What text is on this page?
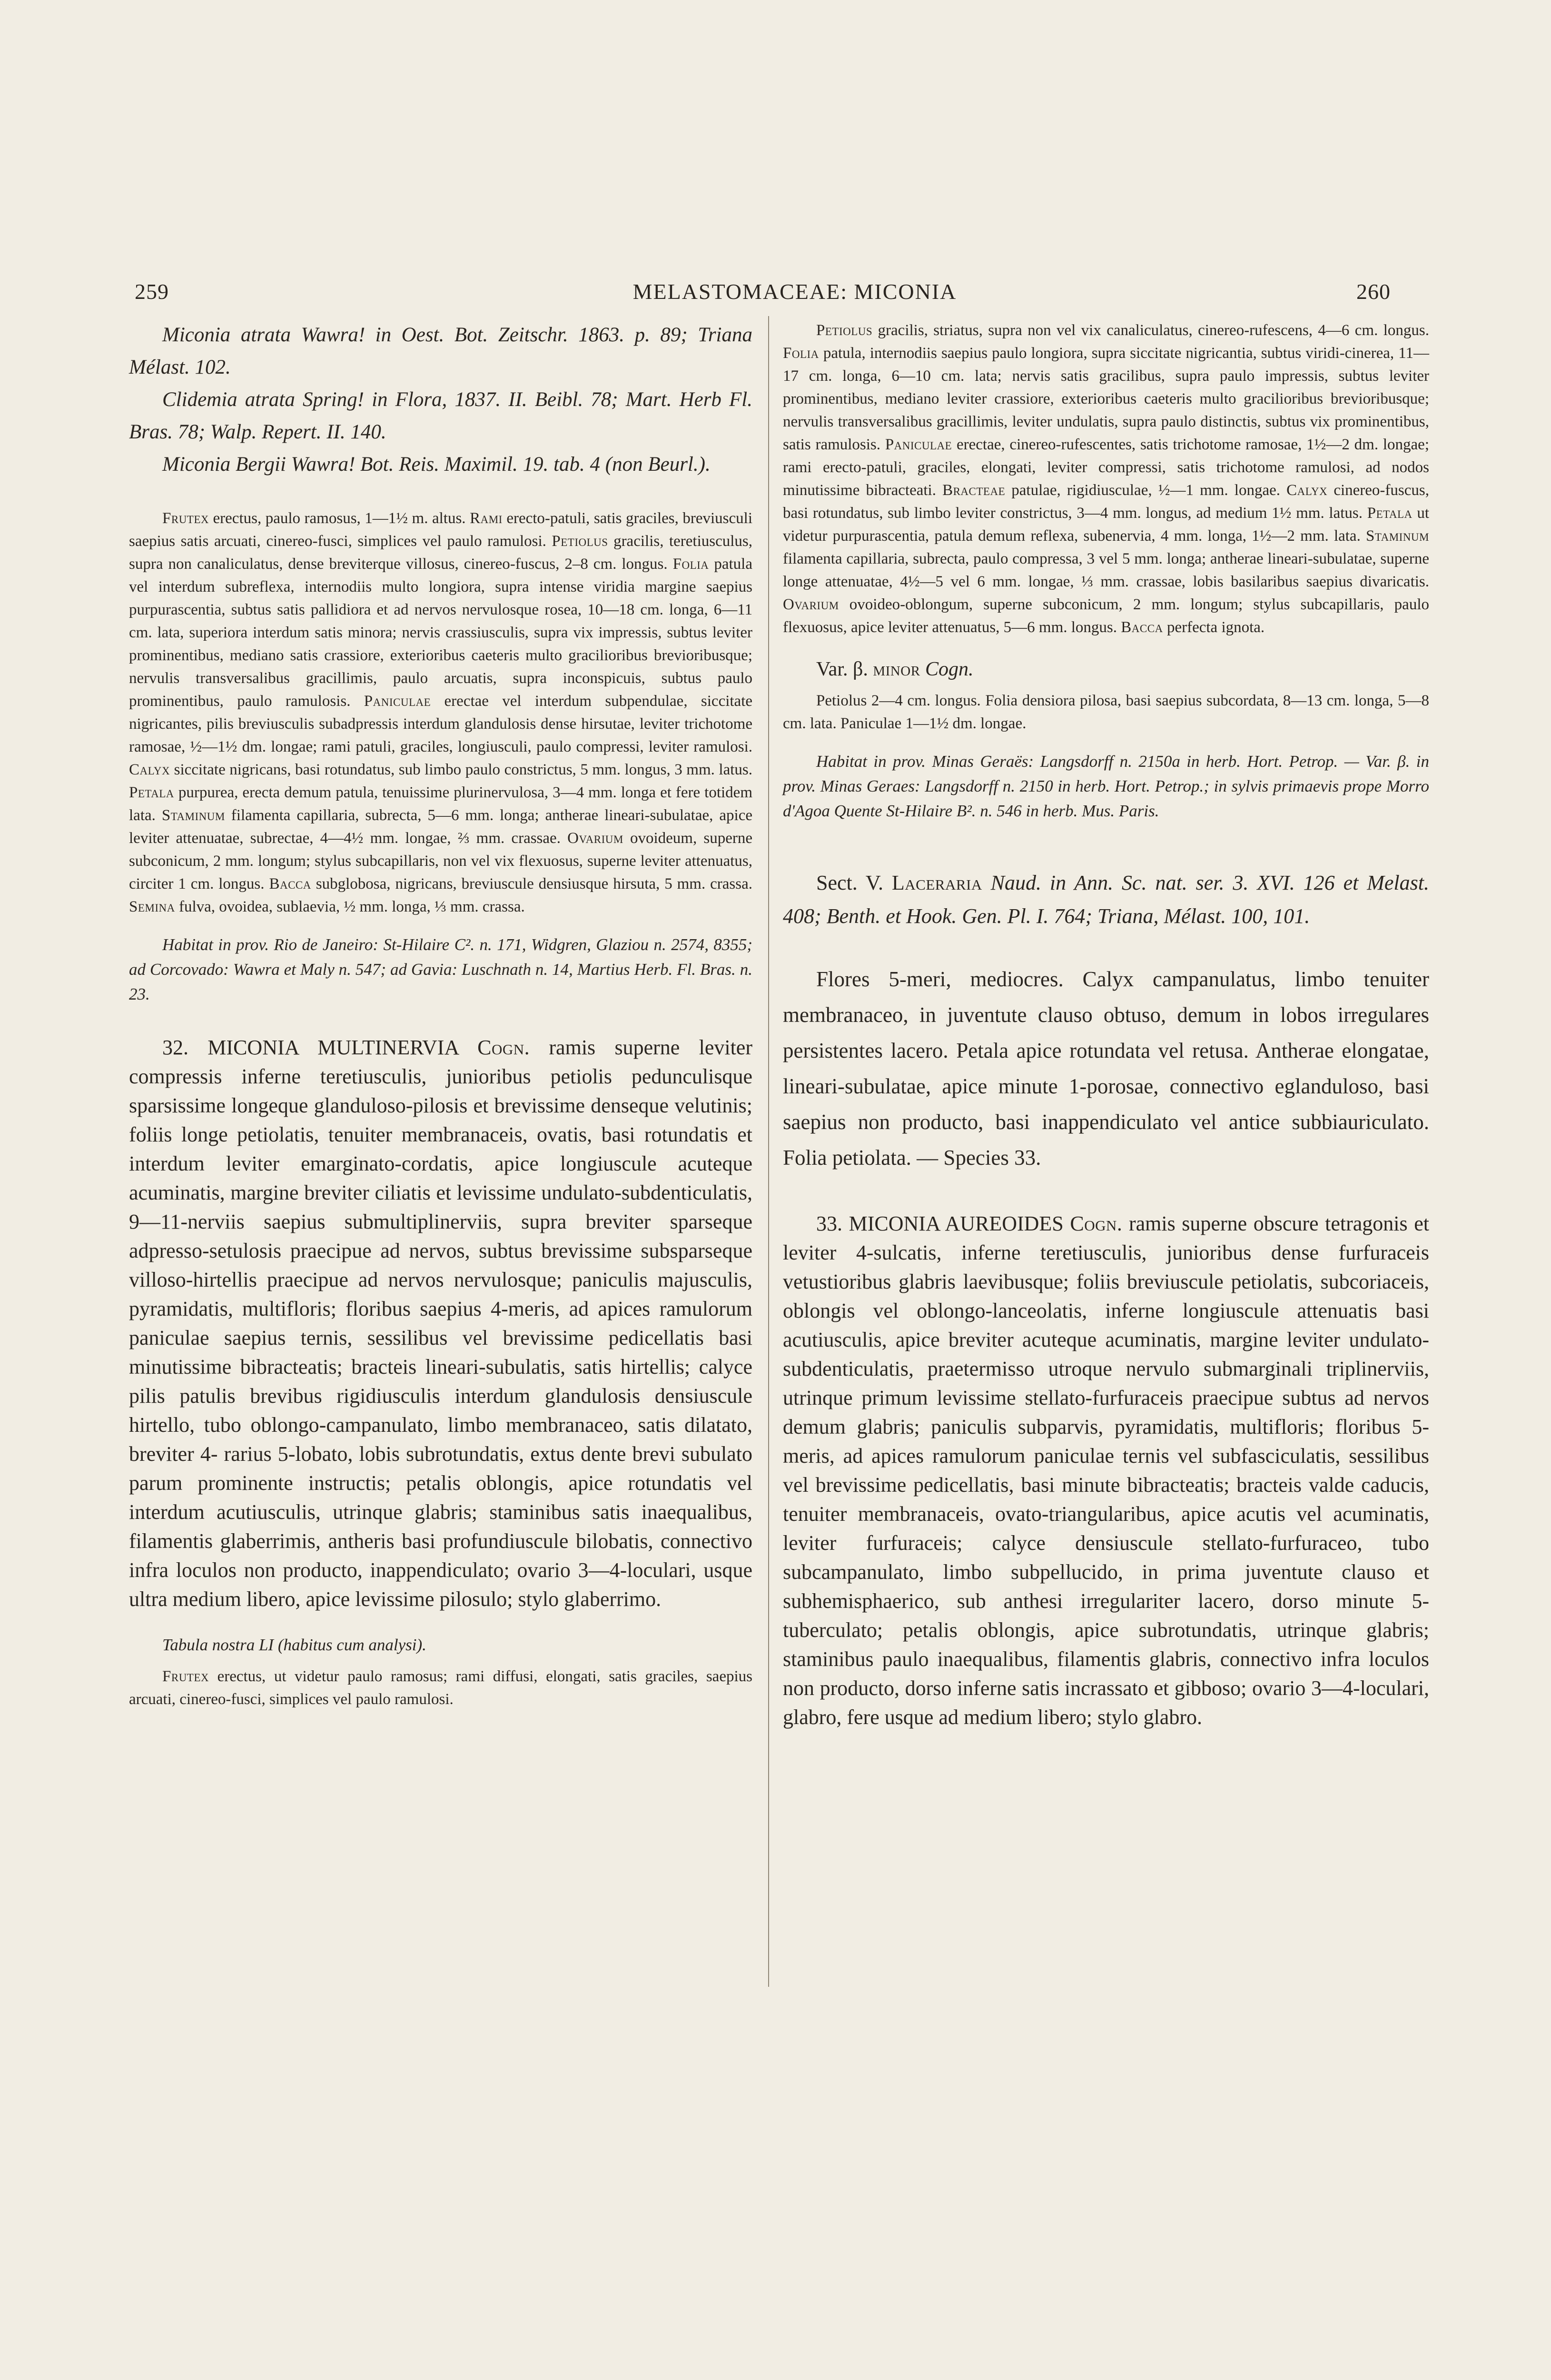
259	MELASTOMACEAE: MICONIA	260

Miconia atrata Wawra! in Oest. Bot. Zeitschr. 1863. p. 89; Triana Mélast. 102.

Clidemia atrata Spring! in Flora, 1837. II. Beibl. 78; Mart. Herb Fl. Bras. 78; Walp. Repert. II. 140.

Miconia Bergii Wawra! Bot. Reis. Maximil. 19. tab. 4 (non Beurl.).

Frutex erectus, paulo ramosus, 1—1½ m. altus. Rami erecto-patuli, satis graciles, breviusculi saepius satis arcuati, cinereo-fusci, simplices vel paulo ramulosi. Petiolus gracilis, teretiusculus, supra non canaliculatus, dense breviterque villosus, cinereo-fuscus, 2–8 cm. longus. Folia patula vel interdum subreflexa, internodiis multo longiora, supra intense viridia margine saepius purpurascentia, subtus satis pallidiora et ad nervos nervulosque rosea, 10—18 cm. longa, 6—11 cm. lata, superiora interdum satis minora; nervis crassiusculis, supra vix impressis, subtus leviter prominentibus, mediano satis crassiore, exterioribus caeteris multo gracilioribus brevioribusque; nervulis transversalibus gracillimis, paulo arcuatis, supra inconspicuis, subtus paulo prominentibus, paulo ramulosis. Paniculae erectae vel interdum subpendulae, siccitate nigricantes, pilis breviusculis subadpressis interdum glandulosis dense hirsutae, leviter trichotome ramosae, ½—1½ dm. longae; rami patuli, graciles, longiusculi, paulo compressi, leviter ramulosi. Calyx siccitate nigricans, basi rotundatus, sub limbo paulo constrictus, 5 mm. longus, 3 mm. latus. Petala purpurea, erecta demum patula, tenuissime plurinervulosa, 3—4 mm. longa et fere totidem lata. Staminum filamenta capillaria, subrecta, 5—6 mm. longa; antherae lineari-subulatae, apice leviter attenuatae, subrectae, 4—4½ mm. longae, ⅔ mm. crassae. Ovarium ovoideum, superne subconicum, 2 mm. longum; stylus subcapillaris, non vel vix flexuosus, superne leviter attenuatus, circiter 1 cm. longus. Bacca subglobosa, nigricans, breviuscule densiusque hirsuta, 5 mm. crassa. Semina fulva, ovoidea, sublaevia, ½ mm. longa, ⅓ mm. crassa.

Habitat in prov. Rio de Janeiro: St-Hilaire C². n. 171, Widgren, Glaziou n. 2574, 8355; ad Corcovado: Wawra et Maly n. 547; ad Gavia: Luschnath n. 14, Martius Herb. Fl. Bras. n. 23.

32. MICONIA MULTINERVIA Cogn. ramis superne leviter compressis inferne teretiusculis, junioribus petiolis pedunculisque sparsissime longeque glanduloso-pilosis et brevissime denseque velutinis; foliis longe petiolatis, tenuiter membranaceis, ovatis, basi rotundatis et interdum leviter emarginato-cordatis, apice longiuscule acuteque acuminatis, margine breviter ciliatis et levissime undulato-subdenticulatis, 9—11-nerviis saepius submultiplinerviis, supra breviter sparseque adpresso-setulosis praecipue ad nervos, subtus brevissime subsparseque villoso-hirtellis praecipue ad nervos nervulosque; paniculis majusculis, pyramidatis, multifloris; floribus saepius 4-meris, ad apices ramulorum paniculae saepius ternis, sessilibus vel brevissime pedicellatis basi minutissime bibracteatis; bracteis lineari-subulatis, satis hirtellis; calyce pilis patulis brevibus rigidiusculis interdum glandulosis densiuscule hirtello, tubo oblongo-campanulato, limbo membranaceo, satis dilatato, breviter 4- rarius 5-lobato, lobis subrotundatis, extus dente brevi subulato parum prominente instructis; petalis oblongis, apice rotundatis vel interdum acutiusculis, utrinque glabris; staminibus satis inaequalibus, filamentis glaberrimis, antheris basi profundiuscule bilobatis, connectivo infra loculos non producto, inappendiculato; ovario 3—4-loculari, usque ultra medium libero, apice levissime pilosulo; stylo glaberrimo.

Tabula nostra LI (habitus cum analysi).

Frutex erectus, ut videtur paulo ramosus; rami diffusi, elongati, satis graciles, saepius arcuati, cinereo-fusci, simplices vel paulo ramulosi.

Petiolus gracilis, striatus, supra non vel vix canaliculatus, cinereo-rufescens, 4—6 cm. longus. Folia patula, internodiis saepius paulo longiora, supra siccitate nigricantia, subtus viridi-cinerea, 11—17 cm. longa, 6—10 cm. lata; nervis satis gracilibus, supra paulo impressis, subtus leviter prominentibus, mediano leviter crassiore, exterioribus caeteris multo gracilioribus brevioribusque; nervulis transversalibus gracillimis, leviter undulatis, supra paulo distinctis, subtus vix prominentibus, satis ramulosis. Paniculae erectae, cinereo-rufescentes, satis trichotome ramosae, 1½—2 dm. longae; rami erecto-patuli, graciles, elongati, leviter compressi, satis trichotome ramulosi, ad nodos minutissime bibracteati. Bracteae patulae, rigidiusculae, ½—1 mm. longae. Calyx cinereo-fuscus, basi rotundatus, sub limbo leviter constrictus, 3—4 mm. longus, ad medium 1½ mm. latus. Petala ut videtur purpurascentia, patula demum reflexa, subenervia, 4 mm. longa, 1½—2 mm. lata. Staminum filamenta capillaria, subrecta, paulo compressa, 3 vel 5 mm. longa; antherae lineari-subulatae, superne longe attenuatae, 4½—5 vel 6 mm. longae, ⅓ mm. crassae, lobis basilaribus saepius divaricatis. Ovarium ovoideo-oblongum, superne subconicum, 2 mm. longum; stylus subcapillaris, paulo flexuosus, apice leviter attenuatus, 5—6 mm. longus. Bacca perfecta ignota.

Var. β. minor Cogn.

Petiolus 2—4 cm. longus. Folia densiora pilosa, basi saepius subcordata, 8—13 cm. longa, 5—8 cm. lata. Paniculae 1—1½ dm. longae.

Habitat in prov. Minas Geraës: Langsdorff n. 2150a in herb. Hort. Petrop. — Var. β. in prov. Minas Geraes: Langsdorff n. 2150 in herb. Hort. Petrop.; in sylvis primaevis prope Morro d'Agoa Quente St-Hilaire B². n. 546 in herb. Mus. Paris.

Sect. V. Laceraria Naud. in Ann. Sc. nat. ser. 3. XVI. 126 et Melast. 408; Benth. et Hook. Gen. Pl. I. 764; Triana, Mélast. 100, 101.

Flores 5-meri, mediocres. Calyx campanulatus, limbo tenuiter membranaceo, in juventute clauso obtuso, demum in lobos irregulares persistentes lacero. Petala apice rotundata vel retusa. Antherae elongatae, lineari-subulatae, apice minute 1-porosae, connectivo eglanduloso, basi saepius non producto, basi inappendiculato vel antice subbiauriculato. Folia petiolata. — Species 33.

33. MICONIA AUREOIDES Cogn. ramis superne obscure tetragonis et leviter 4-sulcatis, inferne teretiusculis, junioribus dense furfuraceis vetustioribus glabris laevibusque; foliis breviuscule petiolatis, subcoriaceis, oblongis vel oblongo-lanceolatis, inferne longiuscule attenuatis basi acutiusculis, apice breviter acuteque acuminatis, margine leviter undulato-subdenticulatis, praetermisso utroque nervulo submarginali triplinerviis, utrinque primum levissime stellato-furfuraceis praecipue subtus ad nervos demum glabris; paniculis subparvis, pyramidatis, multifloris; floribus 5-meris, ad apices ramulorum paniculae ternis vel subfasciculatis, sessilibus vel brevissime pedicellatis, basi minute bibracteatis; bracteis valde caducis, tenuiter membranaceis, ovato-triangularibus, apice acutis vel acuminatis, leviter furfuraceis; calyce densiuscule stellato-furfuraceo, tubo subcampanulato, limbo subpellucido, in prima juventute clauso et subhemisphaerico, sub anthesi irregulariter lacero, dorso minute 5-tuberculato; petalis oblongis, apice subrotundatis, utrinque glabris; staminibus paulo inaequalibus, filamentis glabris, connectivo infra loculos non producto, dorso inferne satis incrassato et gibboso; ovario 3—4-loculari, glabro, fere usque ad medium libero; stylo glabro.
